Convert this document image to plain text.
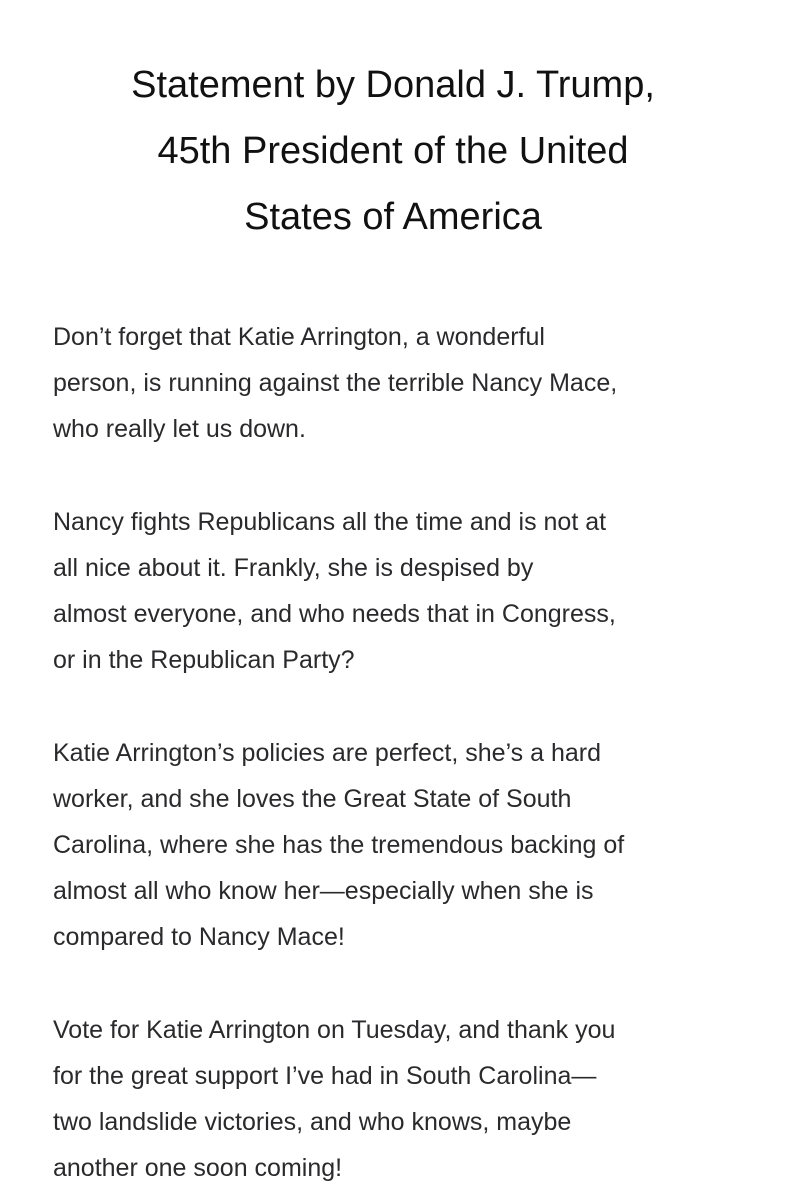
Statement by Donald J. Trump,
45th President of the United
States of America

Don’t forget that Katie Arrington, a wonderful
person, is running against the terrible Nancy Mace,
who really let us down.

Nancy fights Republicans all the time and is not at
all nice about it. Frankly, she is despised by
almost everyone, and who needs that in Congress,
or in the Republican Party?

Katie Arrington’s policies are perfect, she’s a hard
worker, and she loves the Great State of South
Carolina, where she has the tremendous backing of
almost all who know her—especially when she is
compared to Nancy Mace!

Vote for Katie Arrington on Tuesday, and thank you
for the great support I’ve had in South Carolina—
two landslide victories, and who knows, maybe
another one soon coming!
